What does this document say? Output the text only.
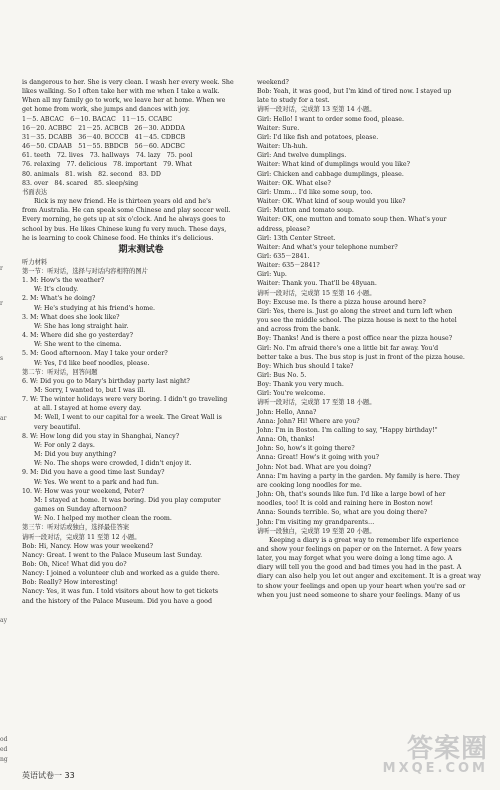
r
r
s
ar
ay
od
ed
ng

is dangerous to her. She is very clean. I wash her every week. She

likes walking. So I often take her with me when I take a walk.

When all my family go to work, we leave her at home. When we

get home from work, she jumps and dances with joy.

1－5. ABCAC　6－10. BACAC　11－15. CCABC

16－20. ACBBC　21－25. ACBCB　26－30. ADDDA

31－35. DCABB　36－40. BCCCB　41－45. CDBCB

46－50. CDAAB　51－55. BBDCB　56－60. ADCBC

61. teeth　72. lives　73. hallways　74. lazy　75. pool

76. relaxing　77. delicious　78. important　79. What

80. animals　81. wish　82. second　83. DD

83. over　84. scared　85. sleep/sing

书面表达

Rick is my new friend. He is thirteen years old and he's

from Australia. He can speak some Chinese and play soccer well.

Every morning, he gets up at six o'clock. And he always goes to

school by bus. He likes Chinese kung fu very much. These days,

he is learning to cook Chinese food. He thinks it's delicious.

期末测试卷

听力材料

第一节：听对话，选择与对话内容相符的图片

1. M: How's the weather?

W: It's cloudy.

2. M: What's he doing?

W: He's studying at his friend's home.

3. M: What does she look like?

W: She has long straight hair.

4. M: Where did she go yesterday?

W: She went to the cinema.

5. M: Good afternoon. May I take your order?

W: Yes, I'd like beef noodles, please.

第二节：听对话，回答问题

6. W: Did you go to Mary's birthday party last night?

M: Sorry, I wanted to, but I was ill.

7. W: The winter holidays were very boring. I didn't go traveling

at all. I stayed at home every day.

M: Well, I went to our capital for a week. The Great Wall is

very beautiful.

8. W: How long did you stay in Shanghai, Nancy?

W: For only 2 days.

M: Did you buy anything?

W: No. The shops were crowded, I didn't enjoy it.

9. M: Did you have a good time last Sunday?

W: Yes. We went to a park and had fun.

10. W: How was your weekend, Peter?

M: I stayed at home. It was boring. Did you play computer

games on Sunday afternoon?

W: No. I helped my mother clean the room.

第三节：听对话或独白，选择最佳答案

请听一段对话，完成第 11 至第 12 小题。

Bob: Hi, Nancy. How was your weekend?

Nancy: Great. I went to the Palace Museum last Sunday.

Bob: Oh, Nice! What did you do?

Nancy: I joined a volunteer club and worked as a guide there.

Bob: Really? How interesting!

Nancy: Yes, it was fun. I told visitors about how to get tickets

and the history of the Palace Museum. Did you have a good

weekend?

Bob: Yeah, it was good, but I'm kind of tired now. I stayed up

late to study for a test.

请听一段对话，完成第 13 至第 14 小题。

Girl: Hello! I want to order some food, please.

Waiter: Sure.

Girl: I'd like fish and potatoes, please.

Waiter: Uh-huh.

Girl: And twelve dumplings.

Waiter: What kind of dumplings would you like?

Girl: Chicken and cabbage dumplings, please.

Waiter: OK. What else?

Girl: Umm… I'd like some soup, too.

Waiter: OK. What kind of soup would you like?

Girl: Mutton and tomato soup.

Waiter: OK, one mutton and tomato soup then. What's your

address, please?

Girl: 13th Center Street.

Waiter: And what's your telephone number?

Girl: 635－2841.

Waiter: 635－2841?

Girl: Yup.

Waiter: Thank you. That'll be 48yuan.

请听一段对话，完成第 15 至第 16 小题。

Boy: Excuse me. Is there a pizza house around here?

Girl: Yes, there is. Just go along the street and turn left when

you see the middle school. The pizza house is next to the hotel

and across from the bank.

Boy: Thanks! And is there a post office near the pizza house?

Girl: No. I'm afraid there's one a little bit far away. You'd

better take a bus. The bus stop is just in front of the pizza house.

Boy: Which bus should I take?

Girl: Bus No. 5.

Boy: Thank you very much.

Girl: You're welcome.

请听一段对话，完成第 17 至第 18 小题。

John: Hello, Anna?

Anna: John? Hi! Where are you?

John: I'm in Boston. I'm calling to say, "Happy birthday!"

Anna: Oh, thanks!

John: So, how's it going there?

Anna: Great! How's it going with you?

John: Not bad. What are you doing?

Anna: I'm having a party in the garden. My family is here. They

are cooking long noodles for me.

John: Oh, that's sounds like fun. I'd like a large bowl of her

noodles, too! It is cold and raining here in Boston now!

Anna: Sounds terrible. So, what are you doing there?

John: I'm visiting my grandparents…

请听一段独白，完成第 19 至第 20 小题。

Keeping a diary is a great way to remember life experience

and show your feelings on paper or on the Internet. A few years

later, you may forget what you were doing a long time ago. A

diary will tell you the good and bad times you had in the past. A

diary can also help you let out anger and excitement. It is a great way

to show your feelings and open up your heart when you're sad or

when you just need someone to share your feelings. Many of us

英语试卷一 33
答案圈
MXQE.COM
